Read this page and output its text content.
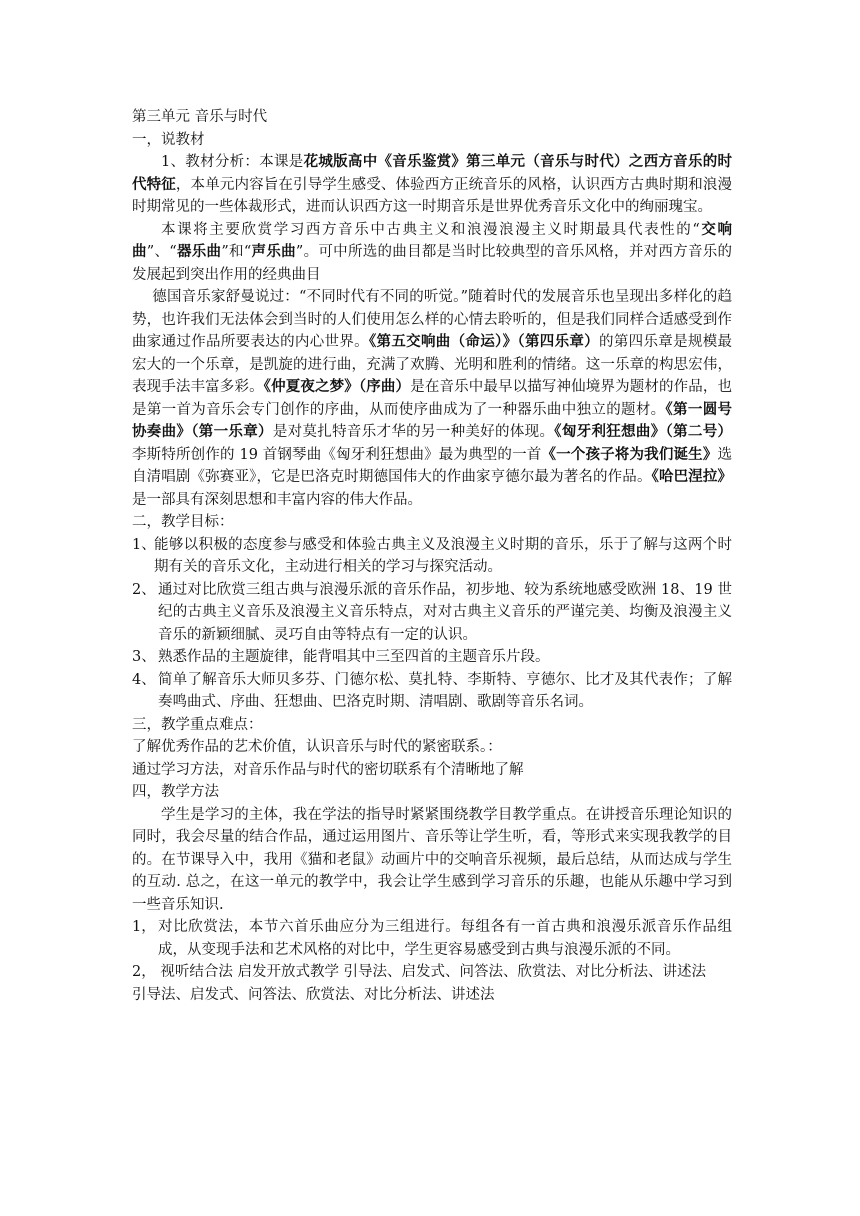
第三单元 音乐与时代

一，说教材

1、教材分析：本课是花城版高中《音乐鉴赏》第三单元（音乐与时代）之西方音乐的时代特征，本单元内容旨在引导学生感受、体验西方正统音乐的风格，认识西方古典时期和浪漫时期常见的一些体裁形式，进而认识西方这一时期音乐是世界优秀音乐文化中的绚丽瑰宝。

本课将主要欣赏学习西方音乐中古典主义和浪漫浪漫主义时期最具代表性的“交响曲”、“器乐曲”和“声乐曲”。可中所选的曲目都是当时比较典型的音乐风格，并对西方音乐的发展起到突出作用的经典曲目

德国音乐家舒曼说过：“不同时代有不同的听觉。”随着时代的发展音乐也呈现出多样化的趋势，也许我们无法体会到当时的人们使用怎么样的心情去聆听的，但是我们同样合适感受到作曲家通过作品所要表达的内心世界。《第五交响曲（命运）》（第四乐章）的第四乐章是规模最宏大的一个乐章，是凯旋的进行曲，充满了欢腾、光明和胜利的情绪。这一乐章的构思宏伟，表现手法丰富多彩。《仲夏夜之梦》（序曲）是在音乐中最早以描写神仙境界为题材的作品，也是第一首为音乐会专门创作的序曲，从而使序曲成为了一种器乐曲中独立的题材。《第一圆号协奏曲》（第一乐章）是对莫扎特音乐才华的另一种美好的体现。《匈牙利狂想曲》（第二号）李斯特所创作的 19 首钢琴曲《匈牙利狂想曲》最为典型的一首《一个孩子将为我们诞生》选自清唱剧《弥赛亚》，它是巴洛克时期德国伟大的作曲家亨德尔最为著名的作品。《哈巴涅拉》是一部具有深刻思想和丰富内容的伟大作品。

二，教学目标：

1、
能够以积极的态度参与感受和体验古典主义及浪漫主义时期的音乐，乐于了解与这两个时期有关的音乐文化，主动进行相关的学习与探究活动。
2、 通过对比欣赏三组古典与浪漫乐派的音乐作品，初步地、较为系统地感受欧洲 18、19 世纪的古典主义音乐及浪漫主义音乐特点，对对古典主义音乐的严谨完美、均衡及浪漫主义音乐的新颖细腻、灵巧自由等特点有一定的认识。
3、 熟悉作品的主题旋律，能背唱其中三至四首的主题音乐片段。
4、 简单了解音乐大师贝多芬、门德尔松、莫扎特、李斯特、亨德尔、比才及其代表作；了解奏鸣曲式、序曲、狂想曲、巴洛克时期、清唱剧、歌剧等音乐名词。

三，教学重点难点：

了解优秀作品的艺术价值，认识音乐与时代的紧密联系。：

通过学习方法，对音乐作品与时代的密切联系有个清晰地了解

四，教学方法

学生是学习的主体，我在学法的指导时紧紧围绕教学目教学重点。在讲授音乐理论知识的同时，我会尽量的结合作品，通过运用图片、音乐等让学生听，看，等形式来实现我教学的目的。在节课导入中，我用《猫和老鼠》动画片中的交响音乐视频，最后总结，从而达成与学生的互动. 总之，在这一单元的教学中，我会让学生感到学习音乐的乐趣，也能从乐趣中学习到一些音乐知识.

1， 对比欣赏法，本节六首乐曲应分为三组进行。每组各有一首古典和浪漫乐派音乐作品组成，从变现手法和艺术风格的对比中，学生更容易感受到古典与浪漫乐派的不同。

2， 视听结合法 启发开放式教学 引导法、启发式、问答法、欣赏法、对比分析法、讲述法

引导法、启发式、问答法、欣赏法、对比分析法、讲述法
